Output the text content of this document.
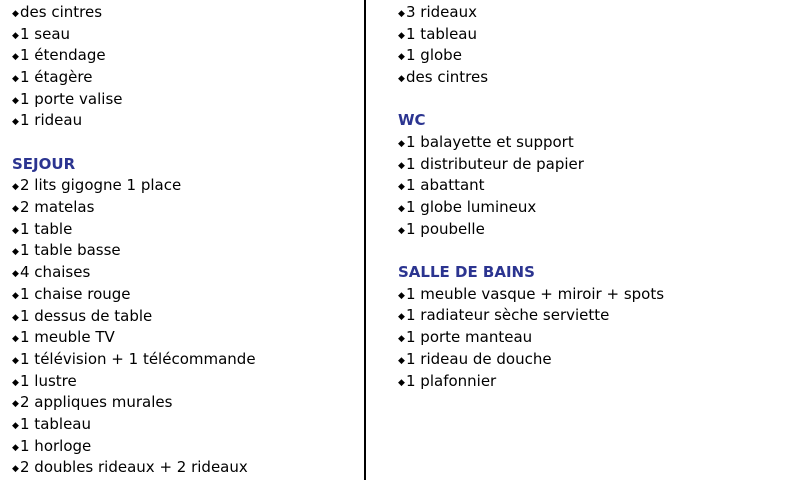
◆des cintres
◆1 seau
◆1 étendage
◆1 étagère
◆1 porte valise
◆1 rideau
SEJOUR
◆2 lits gigogne 1 place
◆2 matelas
◆1 table
◆1 table basse
◆4 chaises
◆1 chaise rouge
◆1 dessus de table
◆1 meuble TV
◆1 télévision + 1 télécommande
◆1 lustre
◆2 appliques murales
◆1 tableau
◆1 horloge
◆2 doubles rideaux + 2 rideaux
◆3 rideaux
◆1 tableau
◆1 globe
◆des cintres
WC
◆1 balayette et support
◆1 distributeur de papier
◆1 abattant
◆1 globe lumineux
◆1 poubelle
SALLE DE BAINS
◆1 meuble vasque + miroir + spots
◆1 radiateur sèche serviette
◆1 porte manteau
◆1 rideau de douche
◆1 plafonnier
